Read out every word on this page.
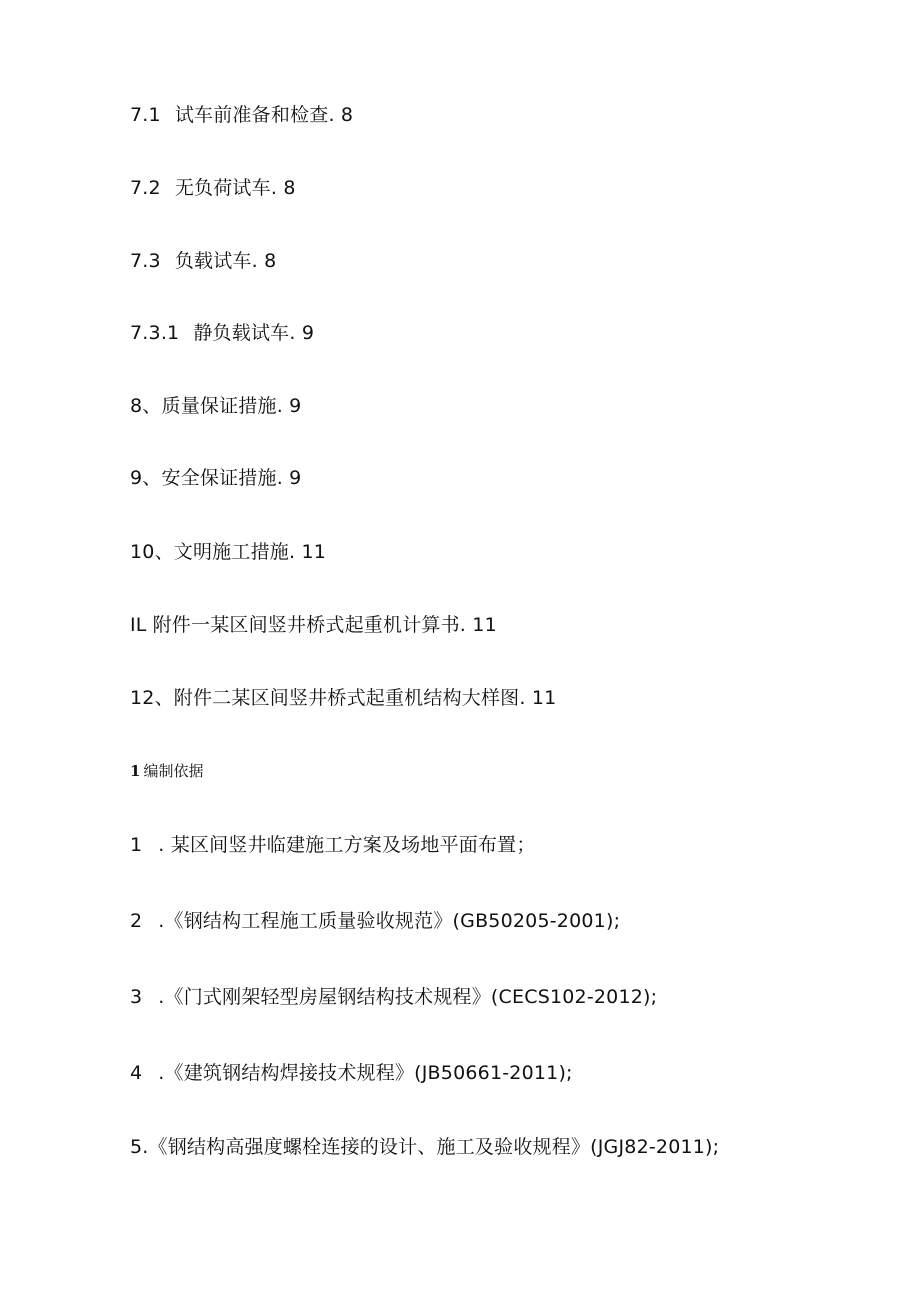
7.1 试车前准备和检查. 8
7.2 无负荷试车. 8
7.3 负载试车. 8
7.3.1 静负载试车. 9
8、质量保证措施. 9
9、安全保证措施. 9
10、文明施工措施. 11
IL 附件一某区间竖井桥式起重机计算书. 11
12、附件二某区间竖井桥式起重机结构大样图. 11
1 编制依据
1 . 某区间竖井临建施工方案及场地平面布置；
2 .《钢结构工程施工质量验收规范》(GB50205-2001);
3 .《门式刚架轻型房屋钢结构技术规程》(CECS102-2012);
4 .《建筑钢结构焊接技术规程》(JB50661-2011);
5.《钢结构高强度螺栓连接的设计、施工及验收规程》(JGJ82-2011);
